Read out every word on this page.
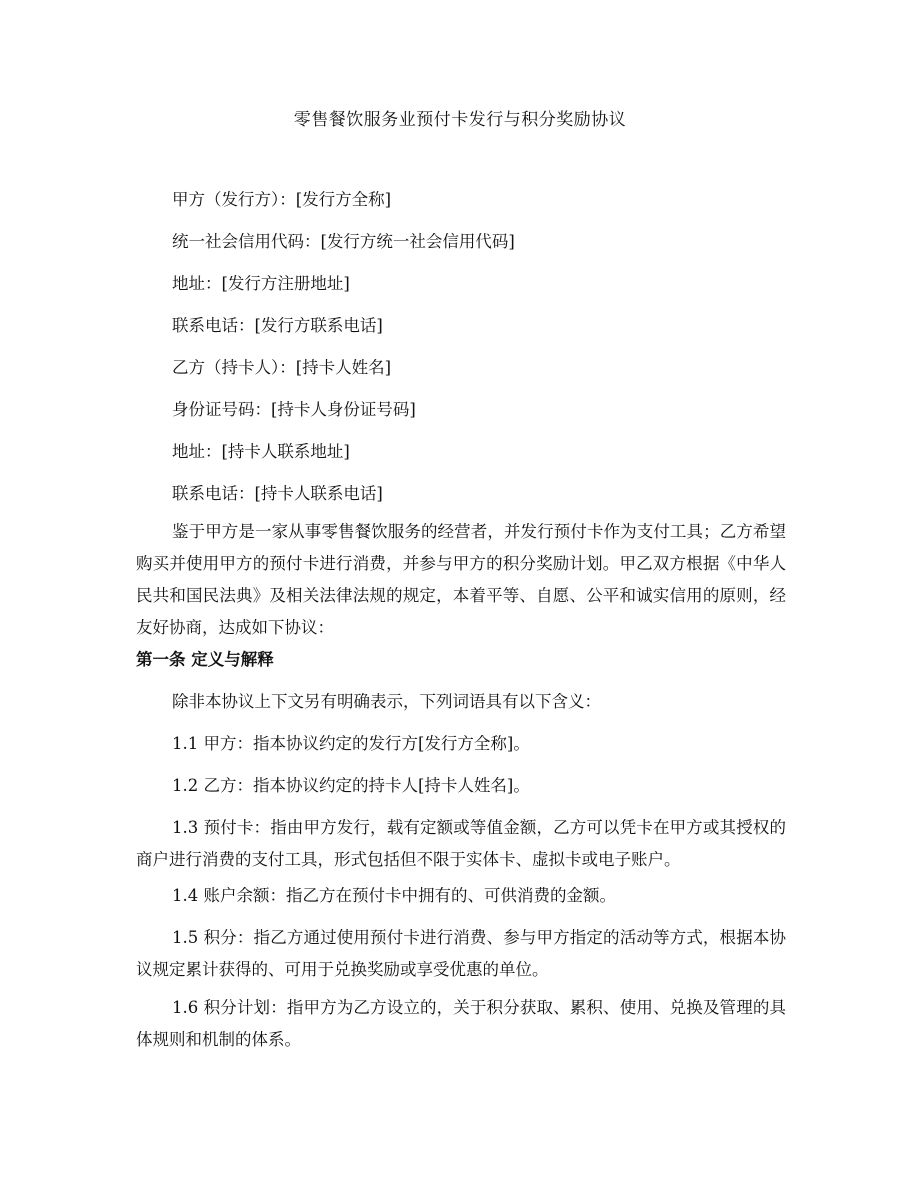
零售餐饮服务业预付卡发行与积分奖励协议

甲方（发行方）：[发行方全称]

统一社会信用代码：[发行方统一社会信用代码]

地址：[发行方注册地址]

联系电话：[发行方联系电话]

乙方（持卡人）：[持卡人姓名]

身份证号码：[持卡人身份证号码]

地址：[持卡人联系地址]

联系电话：[持卡人联系电话]

鉴于甲方是一家从事零售餐饮服务的经营者，并发行预付卡作为支付工具；乙方希望购买并使用甲方的预付卡进行消费，并参与甲方的积分奖励计划。甲乙双方根据《中华人民共和国民法典》及相关法律法规的规定，本着平等、自愿、公平和诚实信用的原则，经友好协商，达成如下协议：

第一条 定义与解释

除非本协议上下文另有明确表示，下列词语具有以下含义：

1.1 甲方：指本协议约定的发行方[发行方全称]。

1.2 乙方：指本协议约定的持卡人[持卡人姓名]。

1.3 预付卡：指由甲方发行，载有定额或等值金额，乙方可以凭卡在甲方或其授权的商户进行消费的支付工具，形式包括但不限于实体卡、虚拟卡或电子账户。

1.4 账户余额：指乙方在预付卡中拥有的、可供消费的金额。

1.5 积分：指乙方通过使用预付卡进行消费、参与甲方指定的活动等方式，根据本协议规定累计获得的、可用于兑换奖励或享受优惠的单位。

1.6 积分计划：指甲方为乙方设立的，关于积分获取、累积、使用、兑换及管理的具体规则和机制的体系。
